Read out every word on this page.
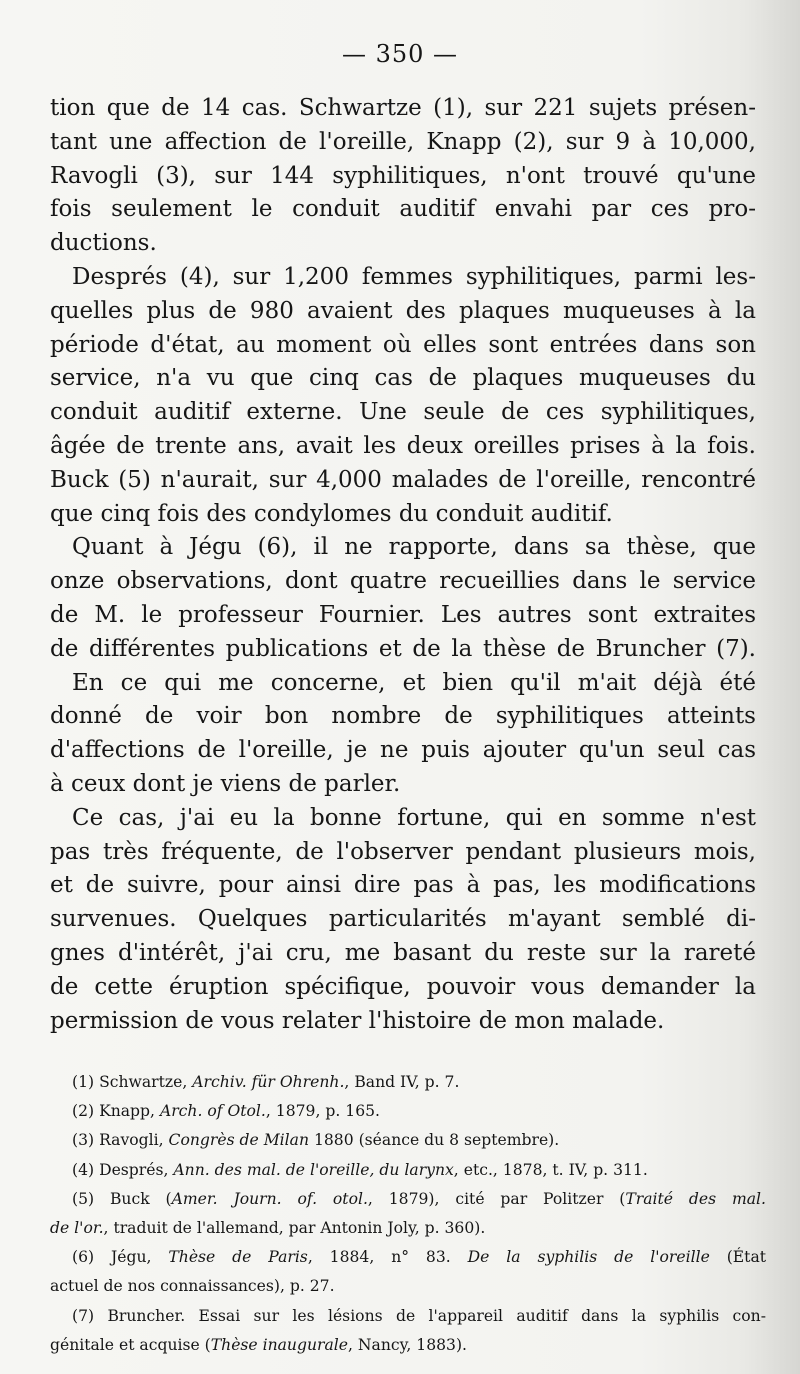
— 350 —
tion que de 14 cas. Schwartze (1), sur 221 sujets présen-
tant une affection de l'oreille, Knapp (2), sur 9 à 10,000,
Ravogli (3), sur 144 syphilitiques, n'ont trouvé qu'une
fois seulement le conduit auditif envahi par ces pro-
ductions.
Després (4), sur 1,200 femmes syphilitiques, parmi les-
quelles plus de 980 avaient des plaques muqueuses à la
période d'état, au moment où elles sont entrées dans son
service, n'a vu que cinq cas de plaques muqueuses du
conduit auditif externe. Une seule de ces syphilitiques,
âgée de trente ans, avait les deux oreilles prises à la fois.
Buck (5) n'aurait, sur 4,000 malades de l'oreille, rencontré
que cinq fois des condylomes du conduit auditif.
Quant à Jégu (6), il ne rapporte, dans sa thèse, que
onze observations, dont quatre recueillies dans le service
de M. le professeur Fournier. Les autres sont extraites
de différentes publications et de la thèse de Bruncher (7).
En ce qui me concerne, et bien qu'il m'ait déjà été
donné de voir bon nombre de syphilitiques atteints
d'affections de l'oreille, je ne puis ajouter qu'un seul cas
à ceux dont je viens de parler.
Ce cas, j'ai eu la bonne fortune, qui en somme n'est
pas très fréquente, de l'observer pendant plusieurs mois,
et de suivre, pour ainsi dire pas à pas, les modifications
survenues. Quelques particularités m'ayant semblé di-
gnes d'intérêt, j'ai cru, me basant du reste sur la rareté
de cette éruption spécifique, pouvoir vous demander la
permission de vous relater l'histoire de mon malade.
(1) Schwartze, Archiv. für Ohrenh., Band IV, p. 7.
(2) Knapp, Arch. of Otol., 1879, p. 165.
(3) Ravogli, Congrès de Milan 1880 (séance du 8 septembre).
(4) Després, Ann. des mal. de l'oreille, du larynx, etc., 1878, t. IV, p. 311.
(5) Buck (Amer. Journ. of. otol., 1879), cité par Politzer (Traité des mal.
de l'or., traduit de l'allemand, par Antonin Joly, p. 360).
(6) Jégu, Thèse de Paris, 1884, n° 83. De la syphilis de l'oreille (État
actuel de nos connaissances), p. 27.
(7) Bruncher. Essai sur les lésions de l'appareil auditif dans la syphilis con-
génitale et acquise (Thèse inaugurale, Nancy, 1883).
